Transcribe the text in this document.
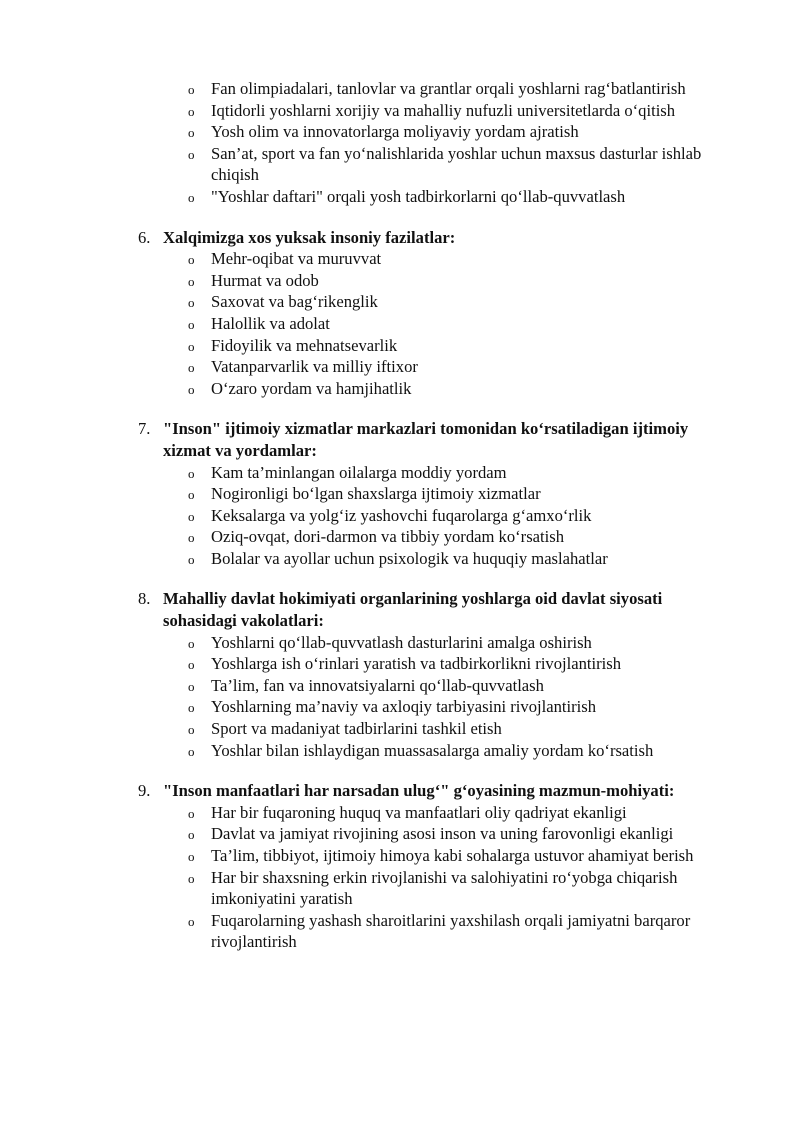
o Fan olimpiadalari, tanlovlar va grantlar orqali yoshlarni rag‘batlantirish
o Iqtidorli yoshlarni xorijiy va mahalliy nufuzli universitetlarda o‘qitish
o Yosh olim va innovatorlarga moliyaviy yordam ajratish
o San’at, sport va fan yo‘nalishlarida yoshlar uchun maxsus dasturlar ishlab chiqish
o "Yoshlar daftari" orqali yosh tadbirkorlarni qo‘llab-quvvatlash
6. Xalqimizga xos yuksak insoniy fazilatlar:
o Mehr-oqibat va muruvvat
o Hurmat va odob
o Saxovat va bag‘rikenglik
o Halollik va adolat
o Fidoyilik va mehnatsevarlik
o Vatanparvarlik va milliy iftixor
o O‘zaro yordam va hamjihatlik
7. "Inson" ijtimoiy xizmatlar markazlari tomonidan ko‘rsatiladigan ijtimoiy xizmat va yordamlar:
o Kam ta’minlangan oilalarga moddiy yordam
o Nogironligi bo‘lgan shaxslarga ijtimoiy xizmatlar
o Keksalarga va yolg‘iz yashovchi fuqarolarga g‘amxo‘rlik
o Oziq-ovqat, dori-darmon va tibbiy yordam ko‘rsatish
o Bolalar va ayollar uchun psixologik va huquqiy maslahatlar
8. Mahalliy davlat hokimiyati organlarining yoshlarga oid davlat siyosati sohasidagi vakolatlari:
o Yoshlarni qo‘llab-quvvatlash dasturlarini amalga oshirish
o Yoshlarga ish o‘rinlari yaratish va tadbirkorlikni rivojlantirish
o Ta’lim, fan va innovatsiyalarni qo‘llab-quvvatlash
o Yoshlarning ma’naviy va axloqiy tarbiyasini rivojlantirish
o Sport va madaniyat tadbirlarini tashkil etish
o Yoshlar bilan ishlaydigan muassasalarga amaliy yordam ko‘rsatish
9. "Inson manfaatlari har narsadan ulug‘" g‘oyasining mazmun-mohiyati:
o Har bir fuqaroning huquq va manfaatlari oliy qadriyat ekanligi
o Davlat va jamiyat rivojining asosi inson va uning farovonligi ekanligi
o Ta’lim, tibbiyot, ijtimoiy himoya kabi sohalarga ustuvor ahamiyat berish
o Har bir shaxsning erkin rivojlanishi va salohiyatini ro‘yobga chiqarish imkoniyatini yaratish
o Fuqarolarning yashash sharoitlarini yaxshilash orqali jamiyatni barqaror rivojlantirish
